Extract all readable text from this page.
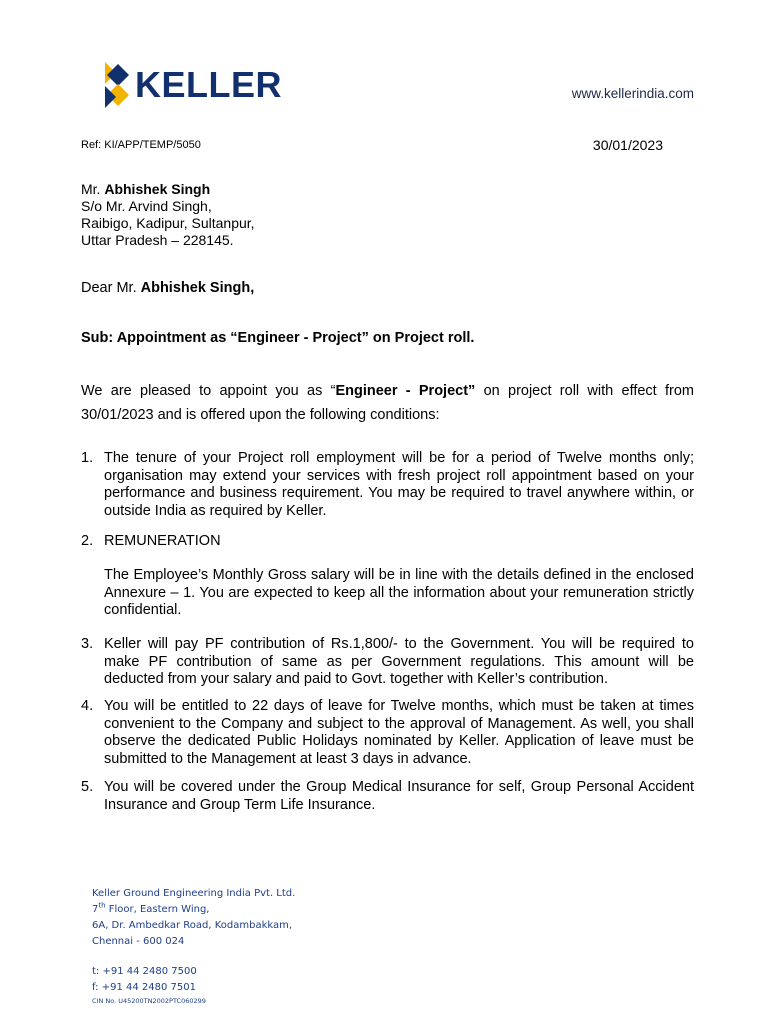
KELLER	www.kellerindia.com
Ref: KI/APP/TEMP/5050	30/01/2023
Mr. Abhishek Singh
S/o Mr. Arvind Singh,
Raibigo, Kadipur, Sultanpur,
Uttar Pradesh – 228145.
Dear Mr. Abhishek Singh,
Sub: Appointment as “Engineer - Project” on Project roll.
We are pleased to appoint you as “Engineer - Project” on project roll with effect from 30/01/2023 and is offered upon the following conditions:
1. The tenure of your Project roll employment will be for a period of Twelve months only; organisation may extend your services with fresh project roll appointment based on your performance and business requirement. You may be required to travel anywhere within, or outside India as required by Keller.
2. REMUNERATION
The Employee’s Monthly Gross salary will be in line with the details defined in the enclosed Annexure – 1. You are expected to keep all the information about your remuneration strictly confidential.
3. Keller will pay PF contribution of Rs.1,800/- to the Government. You will be required to make PF contribution of same as per Government regulations. This amount will be deducted from your salary and paid to Govt. together with Keller’s contribution.
4. You will be entitled to 22 days of leave for Twelve months, which must be taken at times convenient to the Company and subject to the approval of Management. As well, you shall observe the dedicated Public Holidays nominated by Keller. Application of leave must be submitted to the Management at least 3 days in advance.
5. You will be covered under the Group Medical Insurance for self, Group Personal Accident Insurance and Group Term Life Insurance.
Keller Ground Engineering India Pvt. Ltd.
7th Floor, Eastern Wing,
6A, Dr. Ambedkar Road, Kodambakkam,
Chennai - 600 024
t: +91 44 2480 7500
f: +91 44 2480 7501
CIN No. U45200TN2002PTC060299
